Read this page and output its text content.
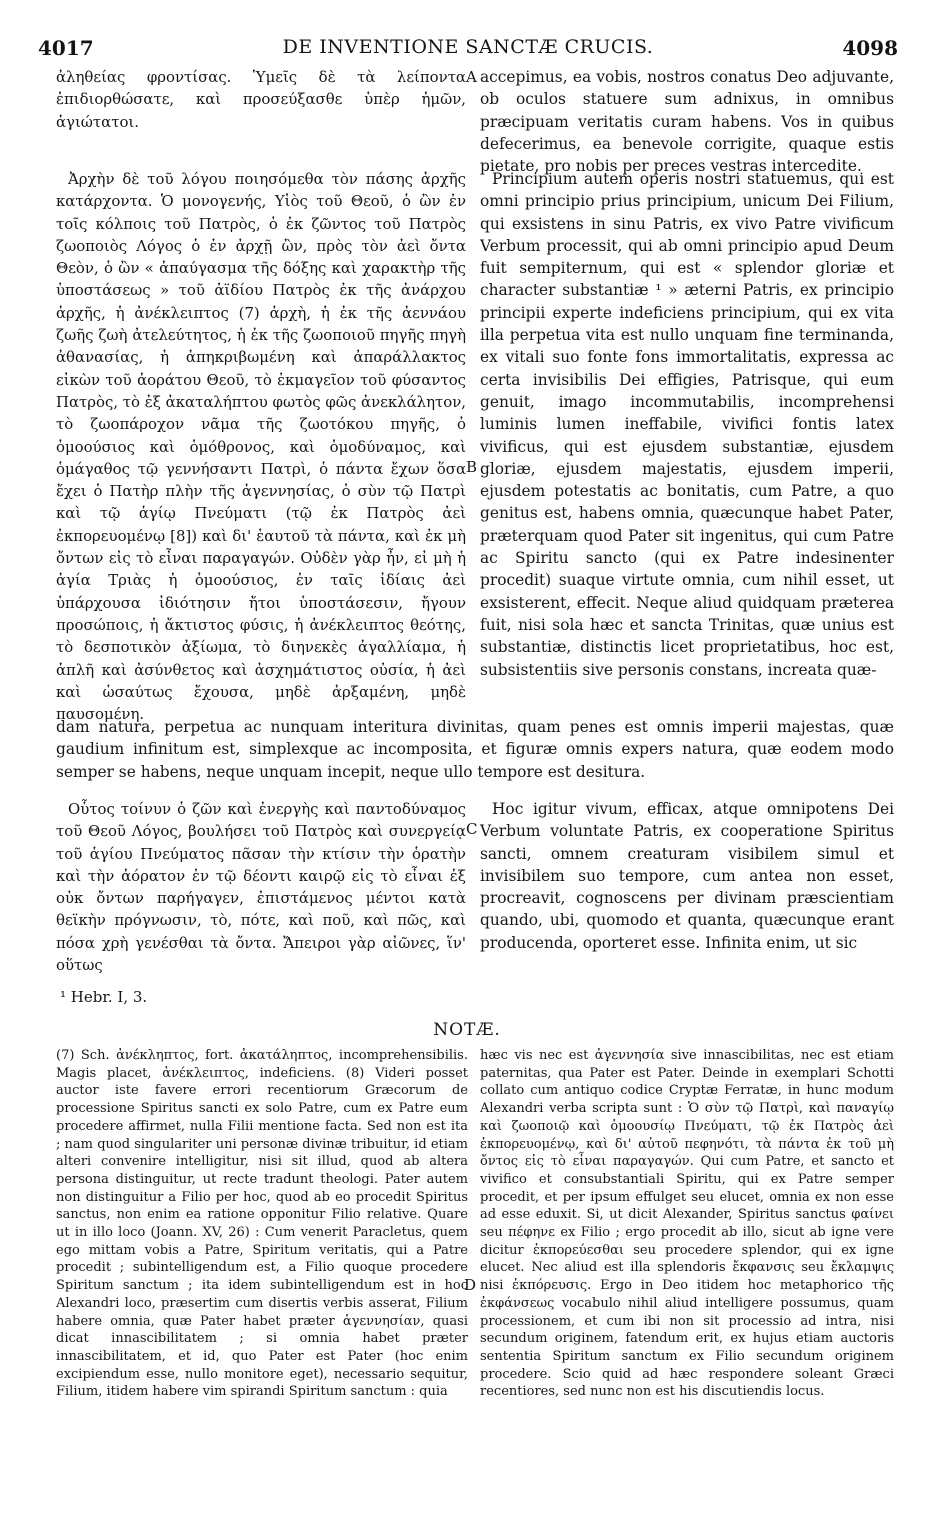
4017	DE INVENTIONE SANCTÆ CRUCIS.	4098
A
B
C

ἀληθείας φροντίσας. Ὑμεῖς δὲ τὰ λείποντα ἐπιδιορθώσατε, καὶ προσεύξασθε ὑπὲρ ἡμῶν, ἁγιώτατοι.

accepimus, ea vobis, nostros conatus Deo adjuvante, ob oculos statuere sum adnixus, in omnibus præcipuam veritatis curam habens. Vos in quibus defecerimus, ea benevole corrigite, quaque estis pietate, pro nobis per preces vestras intercedite.

Ἀρχὴν δὲ τοῦ λόγου ποιησόμεθα τὸν πάσης ἀρχῆς κατάρχοντα. Ὁ μονογενής, Υἱὸς τοῦ Θεοῦ, ὁ ὢν ἐν τοῖς κόλποις τοῦ Πατρὸς, ὁ ἐκ ζῶντος τοῦ Πατρὸς ζωοποιὸς Λόγος ὁ ἐν ἀρχῇ ὢν, πρὸς τὸν ἀεὶ ὄντα Θεὸν, ὁ ὢν « ἀπαύγασμα τῆς δόξης καὶ χαρακτὴρ τῆς ὑποστάσεως » τοῦ ἀϊδίου Πατρὸς ἐκ τῆς ἀνάρχου ἀρχῆς, ἡ ἀνέκλειπτος (7) ἀρχὴ, ἡ ἐκ τῆς ἀεννάου ζωῆς ζωὴ ἀτελεύτητος, ἡ ἐκ τῆς ζωοποιοῦ πηγῆς πηγὴ ἀθανασίας, ἡ ἀπηκριβωμένη καὶ ἀπαράλλακτος εἰκὼν τοῦ ἀοράτου Θεοῦ, τὸ ἐκμαγεῖον τοῦ φύσαντος Πατρὸς, τὸ ἐξ ἀκαταλήπτου φωτὸς φῶς ἀνεκλάλητον, τὸ ζωοπάροχον νᾶμα τῆς ζωοτόκου πηγῆς, ὁ ὁμοούσιος καὶ ὁμόθρονος, καὶ ὁμοδύναμος, καὶ ὁμάγαθος τῷ γεννήσαντι Πατρὶ, ὁ πάντα ἔχων ὅσα ἔχει ὁ Πατὴρ πλὴν τῆς ἀγεννησίας, ὁ σὺν τῷ Πατρὶ καὶ τῷ ἁγίῳ Πνεύματι (τῷ ἐκ Πατρὸς ἀεὶ ἐκπορευομένῳ [8]) καὶ δι' ἑαυτοῦ τὰ πάντα, καὶ ἐκ μὴ ὄντων εἰς τὸ εἶναι παραγαγών. Οὐδὲν γὰρ ἦν, εἰ μὴ ἡ ἁγία Τριὰς ἡ ὁμοούσιος, ἐν ταῖς ἰδίαις ἀεὶ ὑπάρχουσα ἰδιότησιν ἤτοι ὑποστάσεσιν, ἤγουν προσώποις, ἡ ἄκτιστος φύσις, ἡ ἀνέκλειπτος θεότης, τὸ δεσποτικὸν ἀξίωμα, τὸ διηνεκὲς ἀγαλλίαμα, ἡ ἁπλῆ καὶ ἀσύνθετος καὶ ἀσχημάτιστος οὐσία, ἡ ἀεὶ καὶ ὡσαύτως ἔχουσα, μηδὲ ἀρξαμένη, μηδὲ παυσομένη.

Principium autem operis nostri statuemus, qui est omni principio prius principium, unicum Dei Filium, qui exsistens in sinu Patris, ex vivo Patre vivificum Verbum processit, qui ab omni principio apud Deum fuit sempiternum, qui est « splendor gloriæ et character substantiæ ¹ » æterni Patris, ex principio principii experte indeficiens principium, qui ex vita illa perpetua vita est nullo unquam fine terminanda, ex vitali suo fonte fons immortalitatis, expressa ac certa invisibilis Dei effigies, Patrisque, qui eum genuit, imago incommutabilis, incomprehensi luminis lumen ineffabile, vivifici fontis latex vivificus, qui est ejusdem substantiæ, ejusdem gloriæ, ejusdem majestatis, ejusdem imperii, ejusdem potestatis ac bonitatis, cum Patre, a quo genitus est, habens omnia, quæcunque habet Pater, præterquam quod Pater sit ingenitus, qui cum Patre ac Spiritu sancto (qui ex Patre indesinenter procedit) suaque virtute omnia, cum nihil esset, ut exsisterent, effecit. Neque aliud quidquam præterea fuit, nisi sola hæc et sancta Trinitas, quæ unius est substantiæ, distinctis licet proprietatibus, hoc est, subsistentiis sive personis constans, increata quæ-

dam natura, perpetua ac nunquam interitura divinitas, quam penes est omnis imperii majestas, quæ gaudium infinitum est, simplexque ac incomposita, et figuræ omnis expers natura, quæ eodem modo semper se habens, neque unquam incepit, neque ullo tempore est desitura.

Οὗτος τοίνυν ὁ ζῶν καὶ ἐνεργὴς καὶ παντοδύναμος τοῦ Θεοῦ Λόγος, βουλήσει τοῦ Πατρὸς καὶ συνεργείᾳ τοῦ ἁγίου Πνεύματος πᾶσαν τὴν κτίσιν τὴν ὁρατὴν καὶ τὴν ἀόρατον ἐν τῷ δέοντι καιρῷ εἰς τὸ εἶναι ἐξ οὐκ ὄντων παρήγαγεν, ἐπιστάμενος μέντοι κατὰ θεϊκὴν πρόγνωσιν, τὸ, πότε, καὶ ποῦ, καὶ πῶς, καὶ πόσα χρὴ γενέσθαι τὰ ὄντα. Ἄπειροι γὰρ αἰῶνες, ἵν' οὕτως

Hoc igitur vivum, efficax, atque omnipotens Dei Verbum voluntate Patris, ex cooperatione Spiritus sancti, omnem creaturam visibilem simul et invisibilem suo tempore, cum antea non esset, procreavit, cognoscens per divinam præscientiam quando, ubi, quomodo et quanta, quæcunque erant producenda, oporteret esse. Infinita enim, ut sic

¹ Hebr. I, 3.
NOTÆ.

(7) Sch. ἀνέκληπτος, fort. ἀκατάληπτος, incomprehensibilis. Magis placet, ἀνέκλειπτος, indeficiens. (8) Videri posset auctor iste favere errori recentiorum Græcorum de processione Spiritus sancti ex solo Patre, cum ex Patre eum procedere affirmet, nulla Filii mentione facta. Sed non est ita ; nam quod singulariter uni personæ divinæ tribuitur, id etiam alteri convenire intelligitur, nisi sit illud, quod ab altera persona distinguitur, ut recte tradunt theologi. Pater autem non distinguitur a Filio per hoc, quod ab eo procedit Spiritus sanctus, non enim ea ratione opponitur Filio relative. Quare ut in illo loco (Joann. XV, 26) : Cum venerit Paracletus, quem ego mittam vobis a Patre, Spiritum veritatis, qui a Patre procedit ; subintelligendum est, a Filio quoque procedere Spiritum sanctum ; ita idem subintelligendum est in hoc Alexandri loco, præsertim cum disertis verbis asserat, Filium habere omnia, quæ Pater habet præter ἀγεννησίαν, quasi dicat innascibilitatem ; si omnia habet præter innascibilitatem, et id, quo Pater est Pater (hoc enim excipiendum esse, nullo monitore eget), necessario sequitur, Filium, itidem habere vim spirandi Spiritum sanctum : quia

D

hæc vis nec est ἀγεννησία sive innascibilitas, nec est etiam paternitas, qua Pater est Pater. Deinde in exemplari Schotti collato cum antiquo codice Cryptæ Ferratæ, in hunc modum Alexandri verba scripta sunt : Ὁ σὺν τῷ Πατρὶ, καὶ παναγίῳ καὶ ζωοποιῷ καὶ ὁμοουσίῳ Πνεύματι, τῷ ἐκ Πατρὸς ἀεὶ ἐκπορευομένῳ, καὶ δι' αὐτοῦ πεφηνότι, τὰ πάντα ἐκ τοῦ μὴ ὄντος εἰς τὸ εἶναι παραγαγών. Qui cum Patre, et sancto et vivifico et consubstantiali Spiritu, qui ex Patre semper procedit, et per ipsum effulget seu elucet, omnia ex non esse ad esse eduxit. Si, ut dicit Alexander, Spiritus sanctus φαίνει seu πέφηνε ex Filio ; ergo procedit ab illo, sicut ab igne vere dicitur ἐκπορεύεσθαι seu procedere splendor, qui ex igne elucet. Nec aliud est illa splendoris ἔκφανσις seu ἔκλαμψις nisi ἐκπόρευσις. Ergo in Deo itidem hoc metaphorico τῆς ἐκφάνσεως vocabulo nihil aliud intelligere possumus, quam processionem, et cum ibi non sit processio ad intra, nisi secundum originem, fatendum erit, ex hujus etiam auctoris sententia Spiritum sanctum ex Filio secundum originem procedere. Scio quid ad hæc respondere soleant Græci recentiores, sed nunc non est his discutiendis locus.
